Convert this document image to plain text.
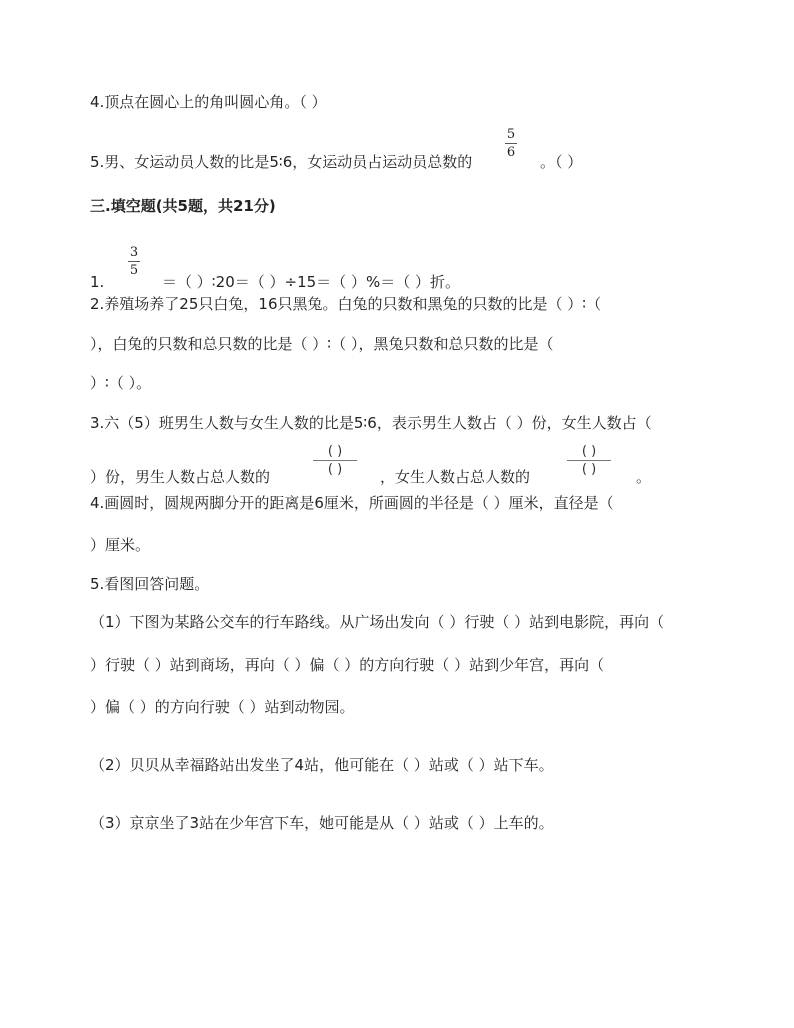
4.顶点在圆心上的角叫圆心角。（ ）
5.男、女运动员人数的比是5∶6，女运动员占运动员总数的
5
6
。（ ）
三.填空题(共5题，共21分)
3
5
1.	＝（ ）∶20＝（ ）÷15＝（ ）%＝（ ）折。
2.养殖场养了25只白兔，16只黑兔。白兔的只数和黑兔的只数的比是（ ）∶（
），白兔的只数和总只数的比是（ ）∶（ ），黑兔只数和总只数的比是（
）∶（ ）。
3.六（5）班男生人数与女生人数的比是5∶6，表示男生人数占（ ）份，女生人数占（
）份，男生人数占总人数的
( )
( )	，女生人数占总人数的
( )
( )	。
4.画圆时，圆规两脚分开的距离是6厘米，所画圆的半径是（ ）厘米，直径是（
）厘米。
5.看图回答问题。
（1）下图为某路公交车的行车路线。从广场出发向（ ）行驶（ ）站到电影院，再向（
）行驶（ ）站到商场，再向（ ）偏（ ）的方向行驶（ ）站到少年宫，再向（
）偏（ ）的方向行驶（ ）站到动物园。
（2）贝贝从幸福路站出发坐了4站，他可能在（ ）站或（ ）站下车。
（3）京京坐了3站在少年宫下车，她可能是从（ ）站或（ ）上车的。
